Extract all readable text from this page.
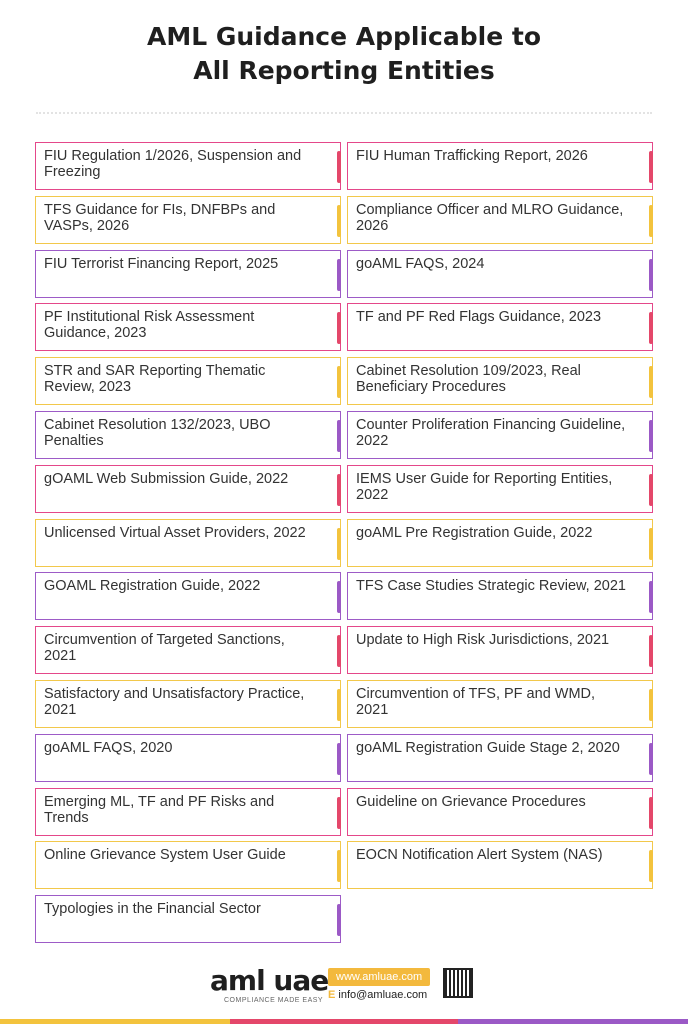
AML Guidance Applicable to
All Reporting Entities
FIU Regulation 1/2026, Suspension and Freezing
FIU Human Trafficking Report, 2026
TFS Guidance for FIs, DNFBPs and VASPs, 2026
Compliance Officer and MLRO Guidance, 2026
FIU Terrorist Financing Report, 2025	goAML FAQS, 2024
PF Institutional Risk Assessment Guidance, 2023
TF and PF Red Flags Guidance, 2023
STR and SAR Reporting Thematic Review, 2023
Cabinet Resolution 109/2023, Real Beneficiary Procedures
Cabinet Resolution 132/2023, UBO Penalties
Counter Proliferation Financing Guideline, 2022
gOAML Web Submission Guide, 2022	IEMS User Guide for Reporting Entities, 2022
Unlicensed Virtual Asset Providers, 2022	goAML Pre Registration Guide, 2022
GOAML Registration Guide, 2022	TFS Case Studies Strategic Review, 2021
Circumvention of Targeted Sanctions, 2021
Update to High Risk Jurisdictions, 2021
Satisfactory and Unsatisfactory Practice, 2021
Circumvention of TFS, PF and WMD, 2021
goAML FAQS, 2020	goAML Registration Guide Stage 2, 2020
Emerging ML, TF and PF Risks and Trends
Guideline on Grievance Procedures
Online Grievance System User Guide	EOCN Notification Alert System (NAS)
Typologies in the Financial Sector
aml uae
COMPLIANCE MADE EASY
www.amluae.com
E info@amluae.com
